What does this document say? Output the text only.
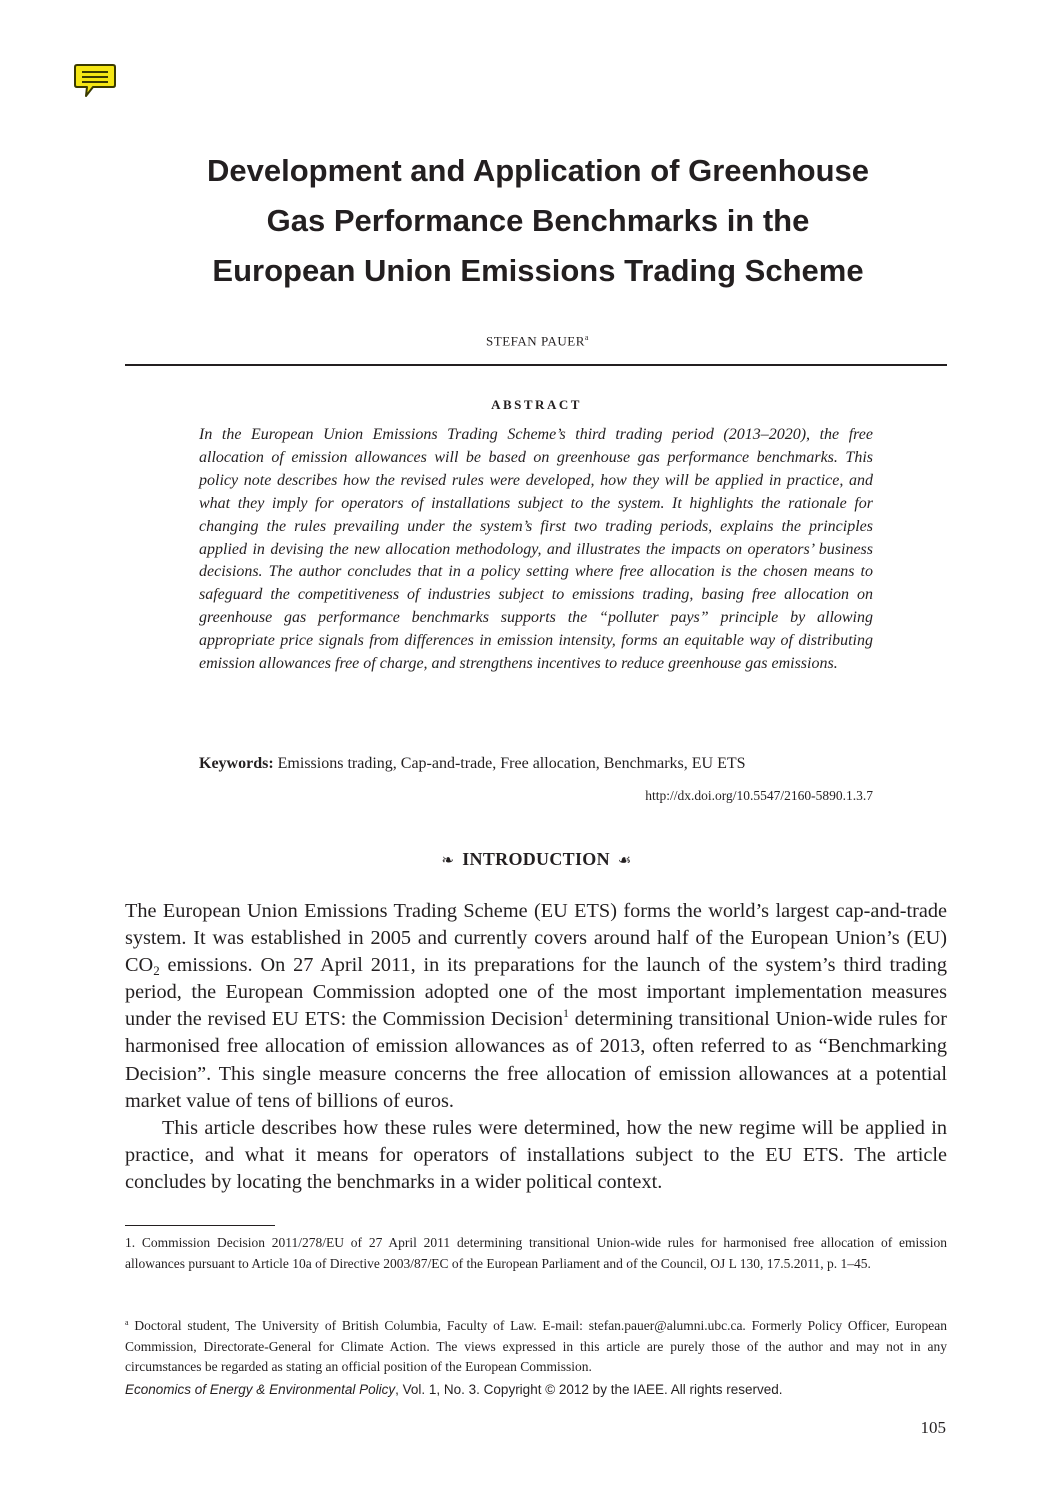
Development and Application of Greenhouse
Gas Performance Benchmarks in the
European Union Emissions Trading Scheme
STEFAN PAUER$^a$
ABSTRACT

In the European Union Emissions Trading Scheme’s third trading period (2013–2020), the free allocation of emission allowances will be based on greenhouse gas performance benchmarks. This policy note describes how the revised rules were developed, how they will be applied in practice, and what they imply for operators of installations subject to the system. It highlights the rationale for changing the rules prevailing under the system’s first two trading periods, explains the principles applied in devising the new allocation methodology, and illustrates the impacts on operators’ business decisions. The author concludes that in a policy setting where free allocation is the chosen means to safeguard the competitiveness of industries subject to emissions trading, basing free allocation on greenhouse gas performance benchmarks supports the “polluter pays” principle by allowing appropriate price signals from differences in emission intensity, forms an equitable way of distributing emission allowances free of charge, and strengthens incentives to reduce greenhouse gas emissions.

Keywords: Emissions trading, Cap-and-trade, Free allocation, Benchmarks, EU ETS
http://dx.doi.org/10.5547/2160-5890.1.3.7
❧ INTRODUCTION ☙

The European Union Emissions Trading Scheme (EU ETS) forms the world’s largest cap-and-trade system. It was established in 2005 and currently covers around half of the European Union’s (EU) $CO_2$ emissions. On 27 April 2011, in its preparations for the launch of the system’s third trading period, the European Commission adopted one of the most important implementation measures under the revised EU ETS: the Commission Decision$^1$ determining transitional Union-wide rules for harmonised free allocation of emission allowances as of 2013, often referred to as “Benchmarking Decision”. This single measure concerns the free allocation of emission allowances at a potential market value of tens of billions of euros.

This article describes how these rules were determined, how the new regime will be applied in practice, and what it means for operators of installations subject to the EU ETS. The article concludes by locating the benchmarks in a wider political context.

1. Commission Decision 2011/278/EU of 27 April 2011 determining transitional Union-wide rules for harmonised free allocation of emission allowances pursuant to Article 10a of Directive 2003/87/EC of the European Parliament and of the Council, OJ L 130, 17.5.2011, p. 1–45.

$^a$ Doctoral student, The University of British Columbia, Faculty of Law. E-mail: stefan.pauer@alumni.ubc.ca. Formerly Policy Officer, European Commission, Directorate-General for Climate Action. The views expressed in this article are purely those of the author and may not in any circumstances be regarded as stating an official position of the European Commission.

Economics of Energy & Environmental Policy, Vol. 1, No. 3. Copyright © 2012 by the IAEE. All rights reserved.
105
